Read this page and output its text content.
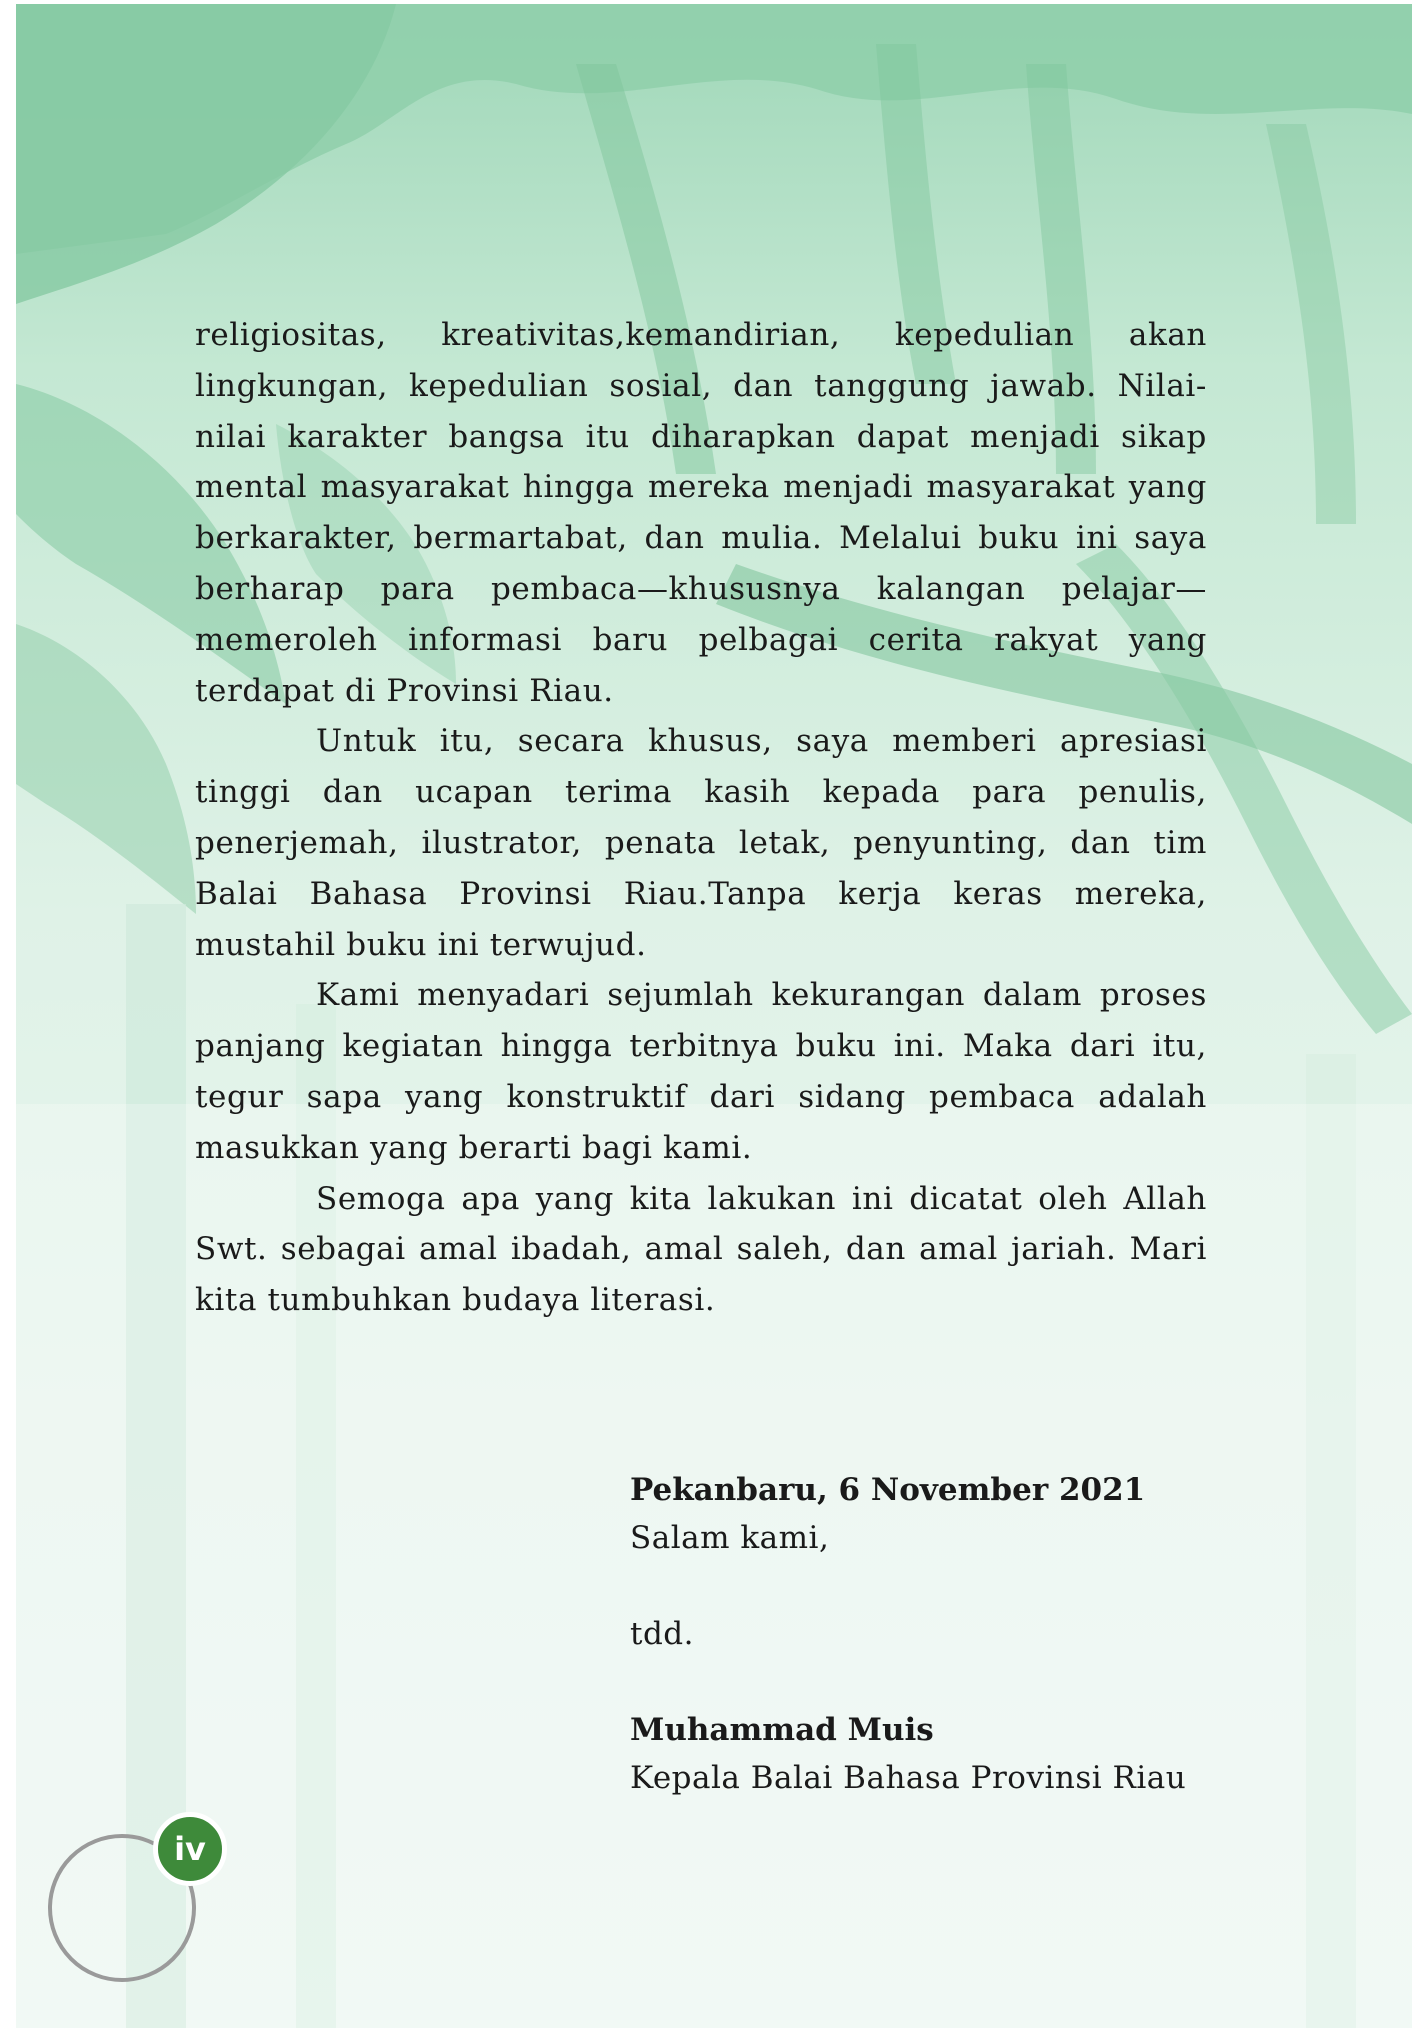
religiositas, kreativitas,kemandirian, kepedulian akan lingkungan, kepedulian sosial, dan tanggung jawab. Nilai-nilai karakter bangsa itu diharapkan dapat menjadi sikap mental masyarakat hingga mereka menjadi masyarakat yang berkarakter, bermartabat, dan mulia. Melalui buku ini saya berharap para pembaca—khususnya kalangan pelajar—memeroleh informasi baru pelbagai cerita rakyat yang terdapat di Provinsi Riau.

Untuk itu, secara khusus, saya memberi apresiasi tinggi dan ucapan terima kasih kepada para penulis, penerjemah, ilustrator, penata letak, penyunting, dan tim Balai Bahasa Provinsi Riau.Tanpa kerja keras mereka, mustahil buku ini terwujud.

Kami menyadari sejumlah kekurangan dalam proses panjang kegiatan hingga terbitnya buku ini. Maka dari itu, tegur sapa yang konstruktif dari sidang pembaca adalah masukkan yang berarti bagi kami.

Semoga apa yang kita lakukan ini dicatat oleh Allah Swt. sebagai amal ibadah, amal saleh, dan amal jariah. Mari kita tumbuhkan budaya literasi.

Pekanbaru, 6 November 2021
Salam kami,
tdd.
Muhammad Muis
Kepala Balai Bahasa Provinsi Riau
iv
